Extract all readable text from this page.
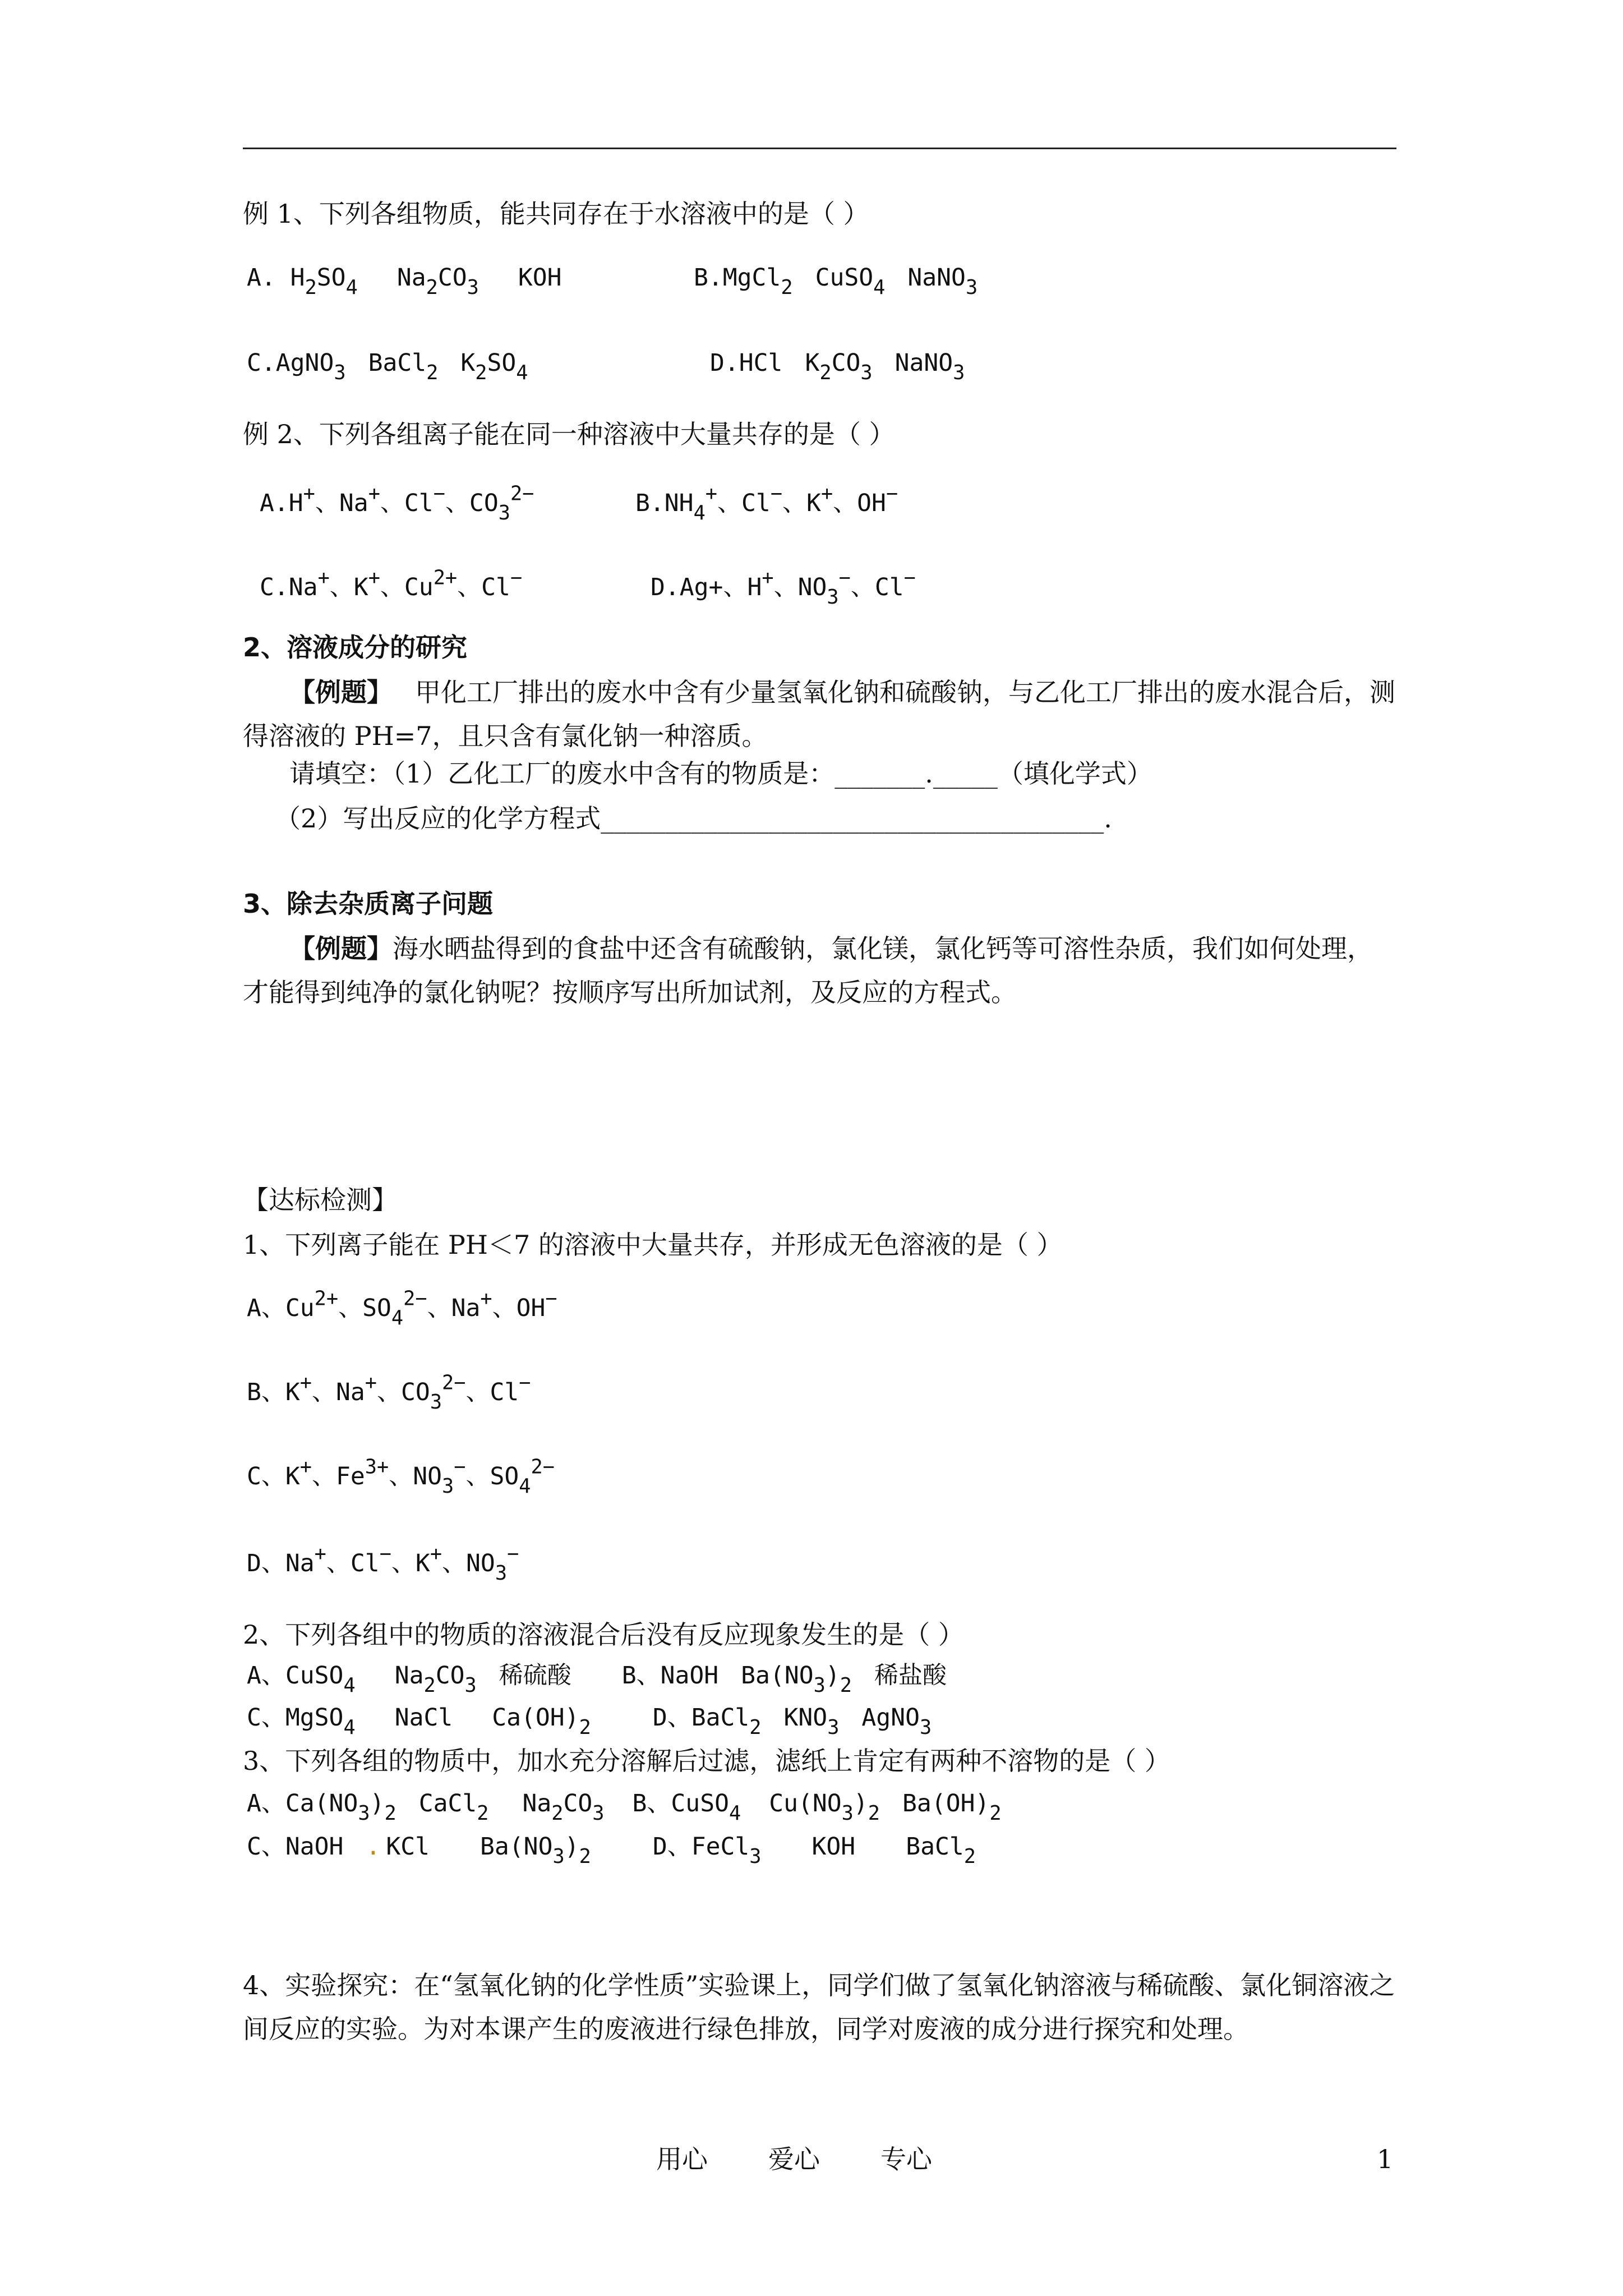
例 1、下列各组物质，能共同存在于水溶液中的是（ ）
A. $H_2SO_4$ $Na_2CO_3$ KOH	B.MgCl$_2$ CuSO$_4$ NaNO$_3$
C.AgNO$_3$ BaCl$_2$ $K_2SO_4$	D.HCl $K_2CO_3$ NaNO$_3$
例 2、下列各组离子能在同一种溶液中大量共存的是（ ）
A.H+、Na+、Cl−、$CO_3^{2-}$	$B.NH_4^+$、Cl−、K+、OH−
C.Na+、K+、$Cu^{2+}$、Cl−	D.Ag+、H+、$NO_3^-$、Cl−
2、溶液成分的研究
【例题】 甲化工厂排出的废水中含有少量氢氧化钠和硫酸钠，与乙化工厂排出的废水混合后，测得溶液的 PH=7，且只含有氯化钠一种溶质。
请填空：（1）乙化工厂的废水中含有的物质是：_______._____（填化学式）
（2）写出反应的化学方程式_______________________________________.
3、除去杂质离子问题
【例题】海水晒盐得到的食盐中还含有硫酸钠，氯化镁，氯化钙等可溶性杂质，我们如何处理，才能得到纯净的氯化钠呢？按顺序写出所加试剂，及反应的方程式。
【达标检测】
1、下列离子能在 PH＜7 的溶液中大量共存，并形成无色溶液的是（ ）
A、$Cu^{2+}$、$SO_4^{2-}$、Na+、OH−
B、K+、Na+、$CO_3^{2-}$、Cl−
C、K+、$Fe^{3+}$、$NO_3^-$、$SO_4^{2-}$
D、Na+、Cl−、K+、$NO_3^-$
2、下列各组中的物质的溶液混合后没有反应现象发生的是（ ）
A、CuSO$_4$ $Na_2CO_3$ 稀硫酸 B、NaOH $Ba(NO_3)_2$ 稀盐酸
C、MgSO$_4$ NaCl $Ca(OH)_2$	D、BaCl$_2$ $KNO_3$ AgNO$_3$
3、下列各组的物质中，加水充分溶解后过滤，滤纸上肯定有两种不溶物的是（ ）
A、$Ca(NO_3)_2$ CaCl$_2$ $Na_2CO_3$ B、CuSO$_4$ $Cu(NO_3)_2$ $Ba(OH)_2$
C、NaOH . KCl $Ba(NO_3)_2$	D、FeCl$_3$ KOH BaCl$_2$
4、实验探究：在“氢氧化钠的化学性质”实验课上，同学们做了氢氧化钠溶液与稀硫酸、氯化铜溶液之间反应的实验。为对本课产生的废液进行绿色排放，同学对废液的成分进行探究和处理。
用心 爱心 专心	1
